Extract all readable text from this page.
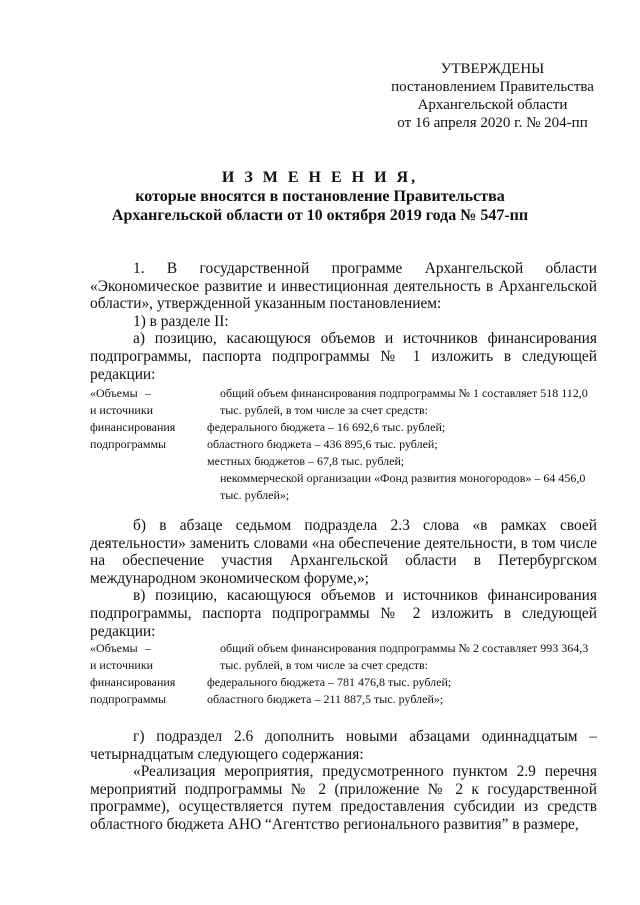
УТВЕРЖДЕНЫ
постановлением Правительства
Архангельской области
от 16 апреля 2020 г. № 204-пп
И З М Е Н Е Н И Я,
которые вносятся в постановление Правительства
Архангельской области от 10 октября 2019 года № 547-пп

1. В государственной программе Архангельской области «Экономическое развитие и инвестиционная деятельность в Архангельской области», утвержденной указанным постановлением:

1) в разделе II:

а) позицию, касающуюся объемов и источников финансирования подпрограммы, паспорта подпрограммы № 1 изложить в следующей редакции:

«Объемы
и источники
финансирования
подпрограммы
–	общий объем финансирования подпрограммы № 1 составляет 518 112,0 тыс. рублей, в том числе за счет средств:

федерального бюджета – 16 692,6 тыс. рублей;

областного бюджета – 436 895,6 тыс. рублей;

местных бюджетов – 67,8 тыс. рублей;

некоммерческой организации «Фонд развития моногородов» – 64 456,0 тыс. рублей»;

б) в абзаце седьмом подраздела 2.3 слова «в рамках своей деятельности» заменить словами «на обеспечение деятельности, в том числе на обеспечение участия Архангельской области в Петербургском международном экономическом форуме,»;

в) позицию, касающуюся объемов и источников финансирования подпрограммы, паспорта подпрограммы № 2 изложить в следующей редакции:

«Объемы
и источники
финансирования
подпрограммы
–	общий объем финансирования подпрограммы № 2 составляет 993 364,3 тыс. рублей, в том числе за счет средств:

федерального бюджета – 781 476,8 тыс. рублей;

областного бюджета – 211 887,5 тыс. рублей»;

г) подраздел 2.6 дополнить новыми абзацами одиннадцатым – четырнадцатым следующего содержания:

«Реализация мероприятия, предусмотренного пунктом 2.9 перечня мероприятий подпрограммы № 2 (приложение № 2 к государственной программе), осуществляется путем предоставления субсидии из средств областного бюджета АНО “Агентство регионального развития” в размере,
